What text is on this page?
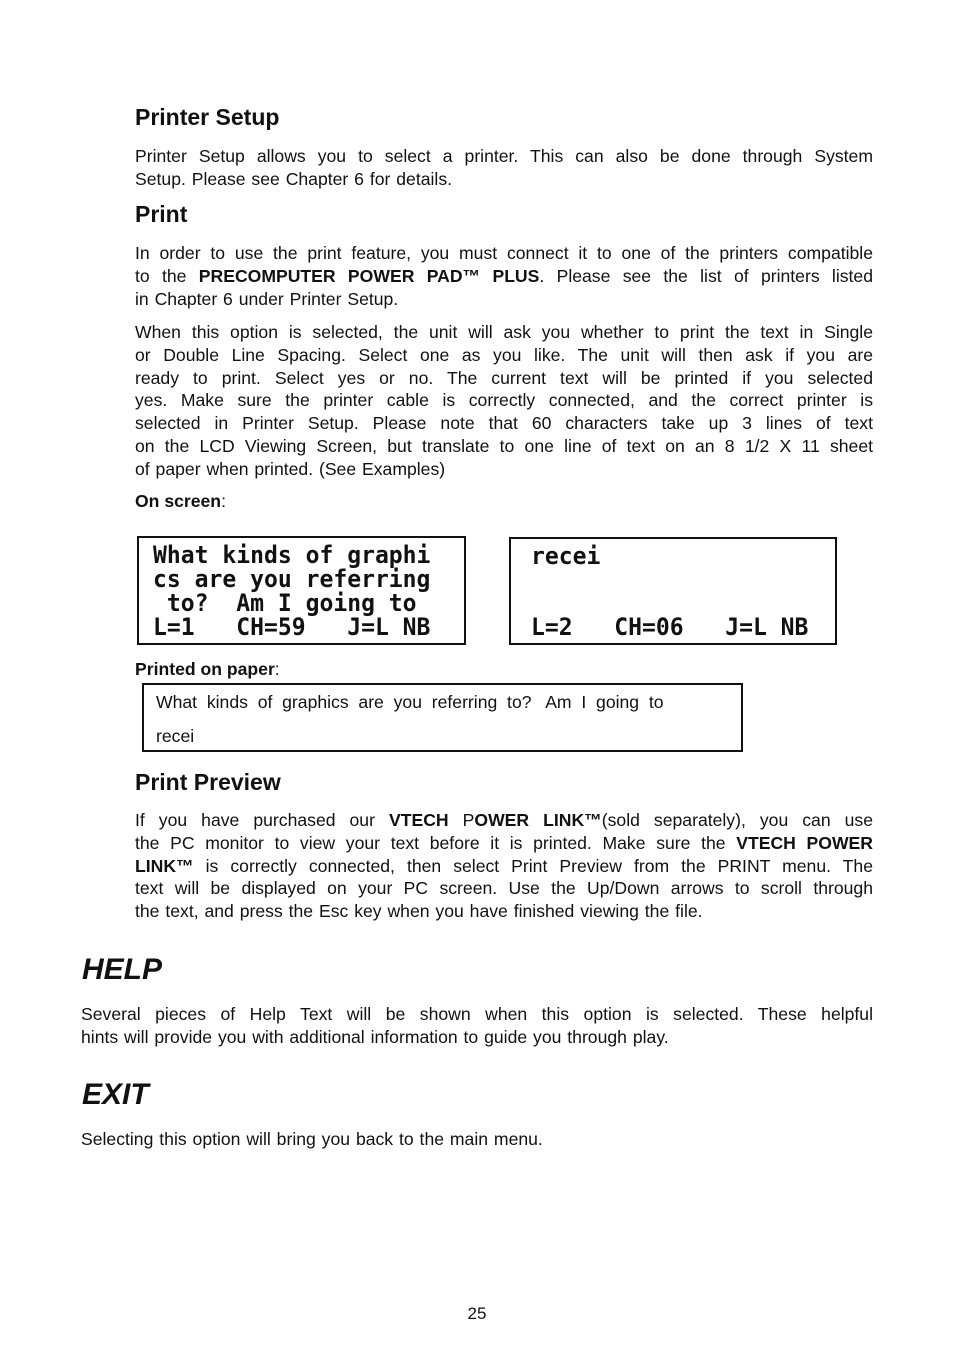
Printer Setup
Printer Setup allows you to select a printer. This can also be done through System
Setup. Please see Chapter 6 for details.
Print
In order to use the print feature, you must connect it to one of the printers compatible
to the PRECOMPUTER POWER PAD™ PLUS. Please see the list of printers listed
in Chapter 6 under Printer Setup.
When this option is selected, the unit will ask you whether to print the text in Single
or Double Line Spacing. Select one as you like. The unit will then ask if you are
ready to print. Select yes or no. The current text will be printed if you selected
yes. Make sure the printer cable is correctly connected, and the correct printer is
selected in Printer Setup. Please note that 60 characters take up 3 lines of text
on the LCD Viewing Screen, but translate to one line of text on an 8 1/2 X 11 sheet
of paper when printed. (See Examples)
On screen:
What kinds of graphi
cs are you referring
to?  Am I going to
L=1   CH=59   J=L NB
recei
L=2   CH=06   J=L NB
Printed on paper:
What  kinds  of  graphics  are  you  referring  to?   Am  I  going  to
recei
Print Preview
If you have purchased our VTECH POWER LINK™(sold separately), you can use
the PC monitor to view your text before it is printed. Make sure the VTECH POWER
LINK™ is correctly connected, then select Print Preview from the PRINT menu. The
text will be displayed on your PC screen. Use the Up/Down arrows to scroll through
the text, and press the Esc key when you have finished viewing the file.
HELP
Several pieces of Help Text will be shown when this option is selected. These helpful
hints will provide you with additional information to guide you through play.
EXIT
Selecting this option will bring you back to the main menu.
25
